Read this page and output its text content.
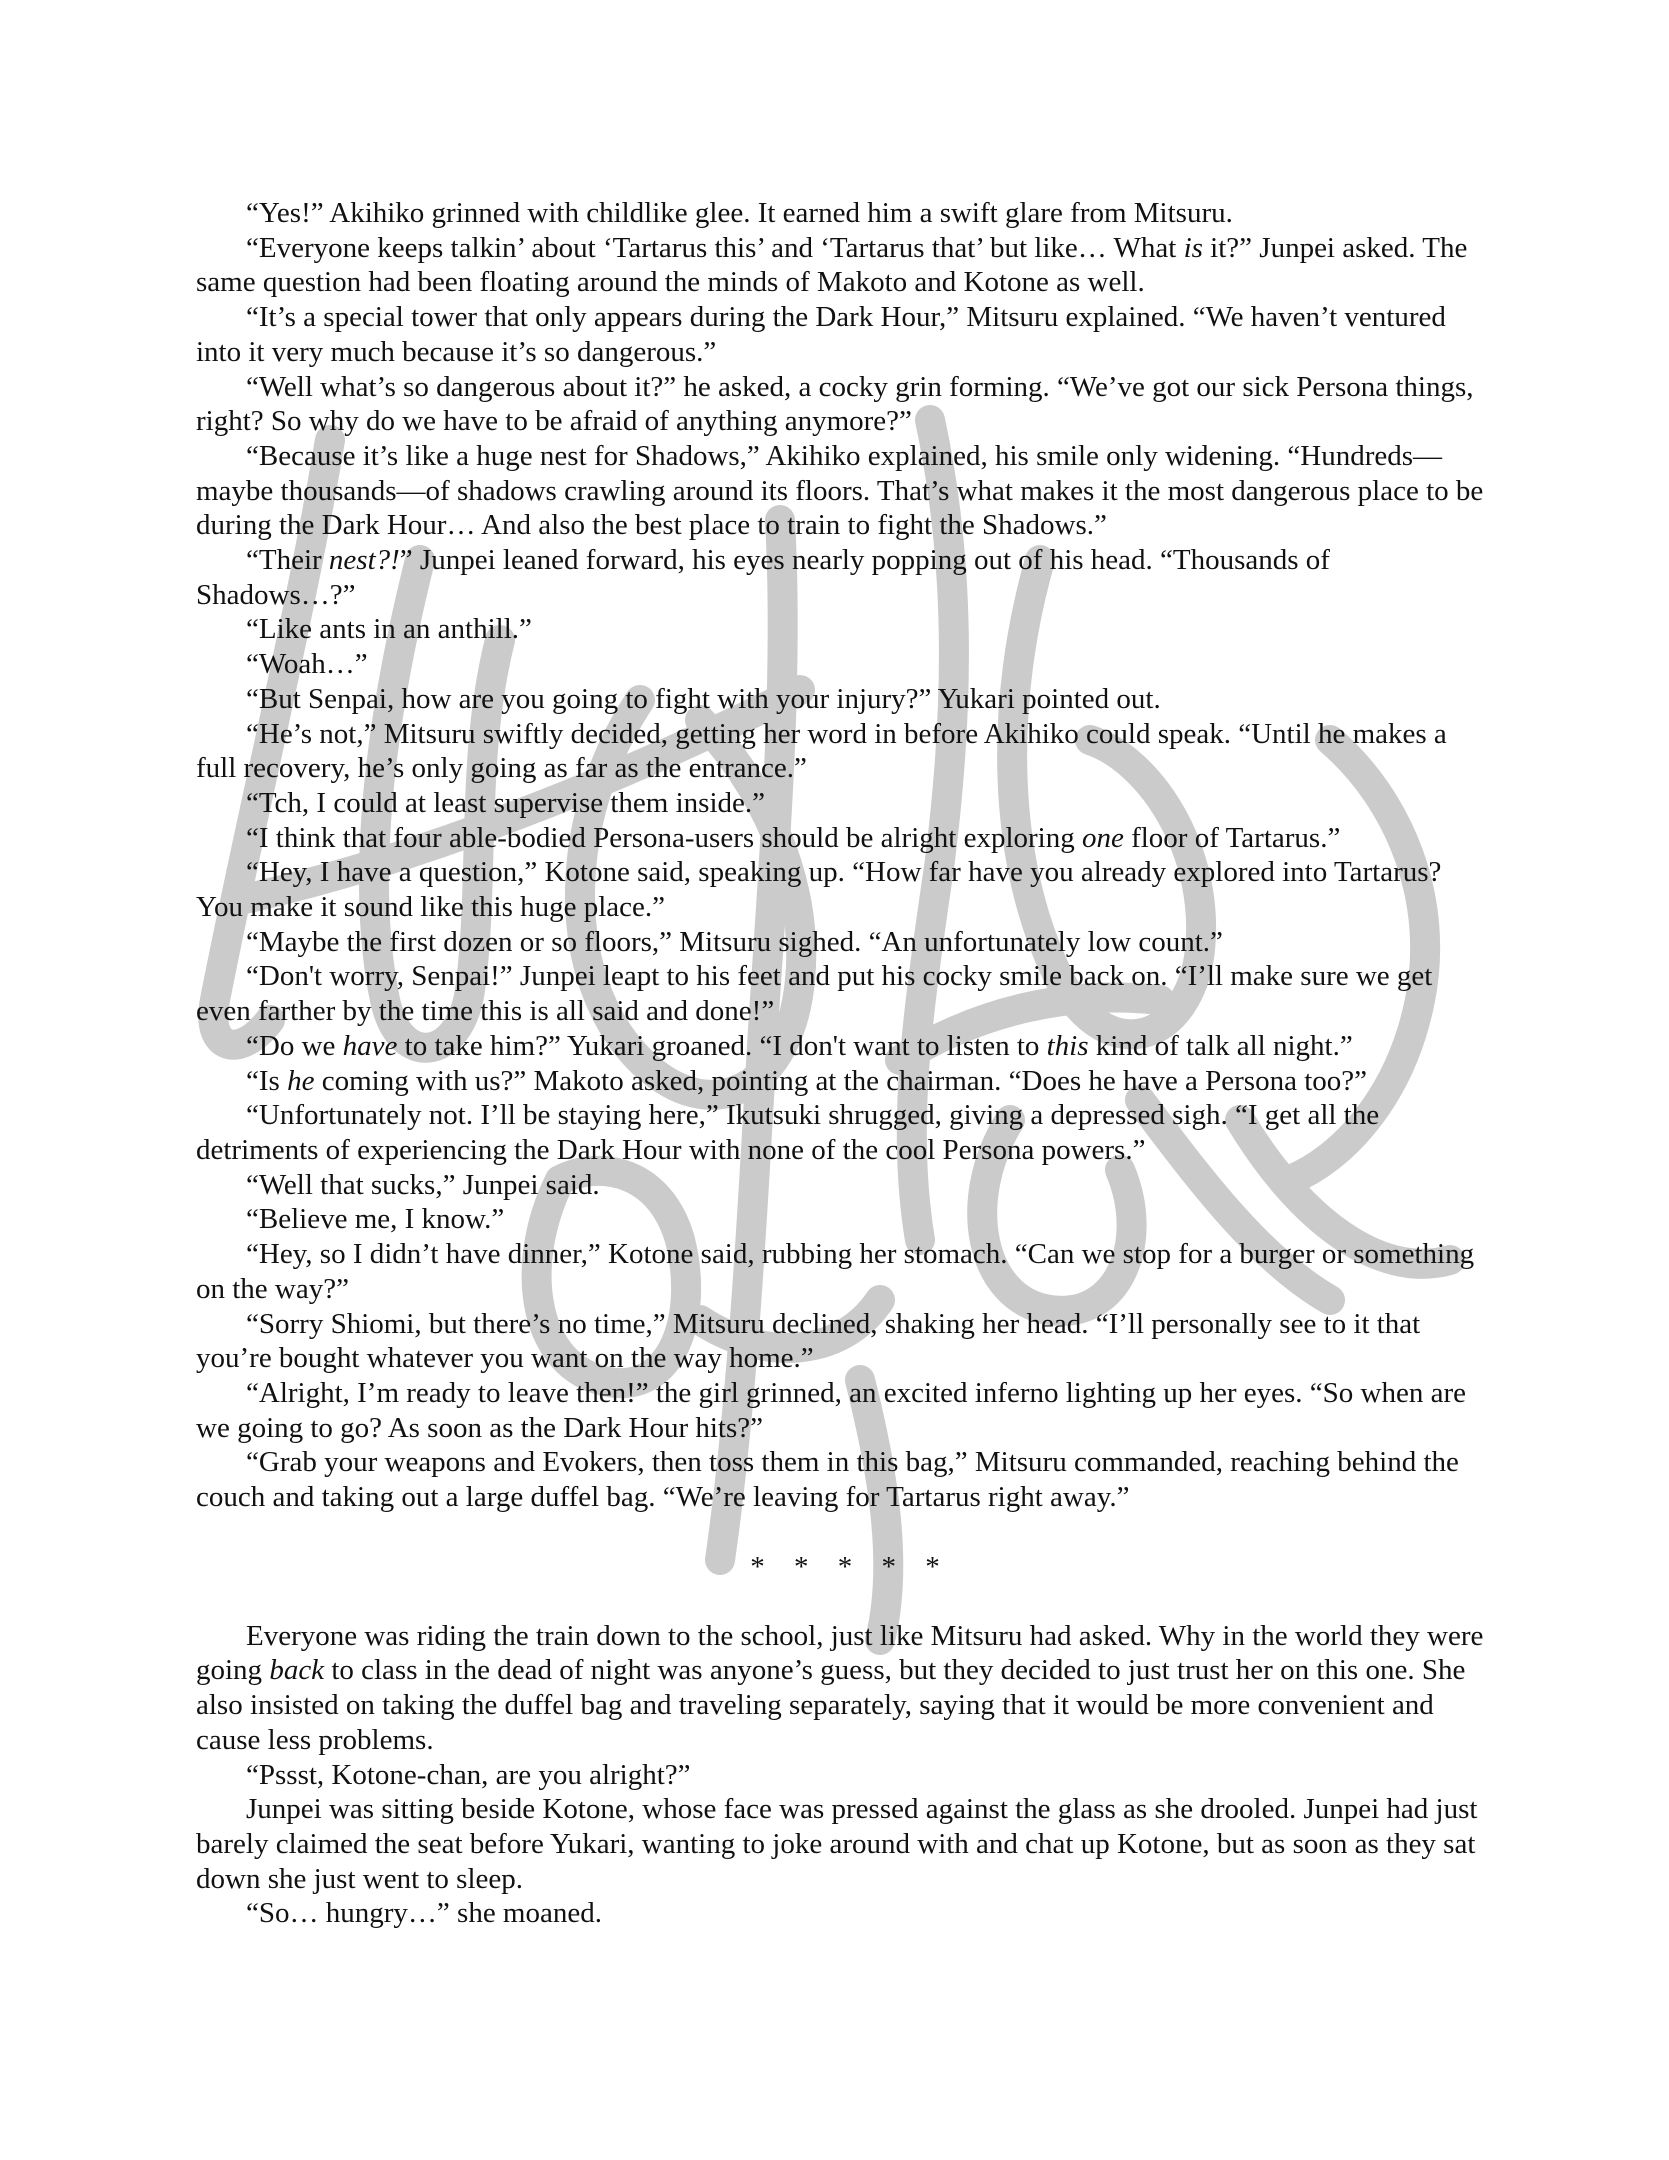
“Yes!” Akihiko grinned with childlike glee. It earned him a swift glare from Mitsuru.

“Everyone keeps talkin’ about ‘Tartarus this’ and ‘Tartarus that’ but like… What is it?” Junpei asked. The same question had been floating around the minds of Makoto and Kotone as well.

“It’s a special tower that only appears during the Dark Hour,” Mitsuru explained. “We haven’t ventured into it very much because it’s so dangerous.”

“Well what’s so dangerous about it?” he asked, a cocky grin forming. “We’ve got our sick Persona things, right? So why do we have to be afraid of anything anymore?”

“Because it’s like a huge nest for Shadows,” Akihiko explained, his smile only widening. “Hundreds—maybe thousands—of shadows crawling around its floors. That’s what makes it the most dangerous place to be during the Dark Hour… And also the best place to train to fight the Shadows.”

“Their nest?!” Junpei leaned forward, his eyes nearly popping out of his head. “Thousands of Shadows…?”

“Like ants in an anthill.”

“Woah…”

“But Senpai, how are you going to fight with your injury?” Yukari pointed out.

“He’s not,” Mitsuru swiftly decided, getting her word in before Akihiko could speak. “Until he makes a full recovery, he’s only going as far as the entrance.”

“Tch, I could at least supervise them inside.”

“I think that four able-bodied Persona-users should be alright exploring one floor of Tartarus.”

“Hey, I have a question,” Kotone said, speaking up. “How far have you already explored into Tartarus? You make it sound like this huge place.”

“Maybe the first dozen or so floors,” Mitsuru sighed. “An unfortunately low count.”

“Don't worry, Senpai!” Junpei leapt to his feet and put his cocky smile back on. “I’ll make sure we get even farther by the time this is all said and done!”

“Do we have to take him?” Yukari groaned. “I don't want to listen to this kind of talk all night.”

“Is he coming with us?” Makoto asked, pointing at the chairman. “Does he have a Persona too?”

“Unfortunately not. I’ll be staying here,” Ikutsuki shrugged, giving a depressed sigh. “I get all the detriments of experiencing the Dark Hour with none of the cool Persona powers.”

“Well that sucks,” Junpei said.

“Believe me, I know.”

“Hey, so I didn’t have dinner,” Kotone said, rubbing her stomach. “Can we stop for a burger or something on the way?”

“Sorry Shiomi, but there’s no time,” Mitsuru declined, shaking her head. “I’ll personally see to it that you’re bought whatever you want on the way home.”

“Alright, I’m ready to leave then!” the girl grinned, an excited inferno lighting up her eyes. “So when are we going to go? As soon as the Dark Hour hits?”

“Grab your weapons and Evokers, then toss them in this bag,” Mitsuru commanded, reaching behind the couch and taking out a large duffel bag. “We’re leaving for Tartarus right away.”

* * * * *

Everyone was riding the train down to the school, just like Mitsuru had asked. Why in the world they were going back to class in the dead of night was anyone’s guess, but they decided to just trust her on this one. She also insisted on taking the duffel bag and traveling separately, saying that it would be more convenient and cause less problems.

“Pssst, Kotone-chan, are you alright?”

Junpei was sitting beside Kotone, whose face was pressed against the glass as she drooled. Junpei had just barely claimed the seat before Yukari, wanting to joke around with and chat up Kotone, but as soon as they sat down she just went to sleep.

“So… hungry…” she moaned.
